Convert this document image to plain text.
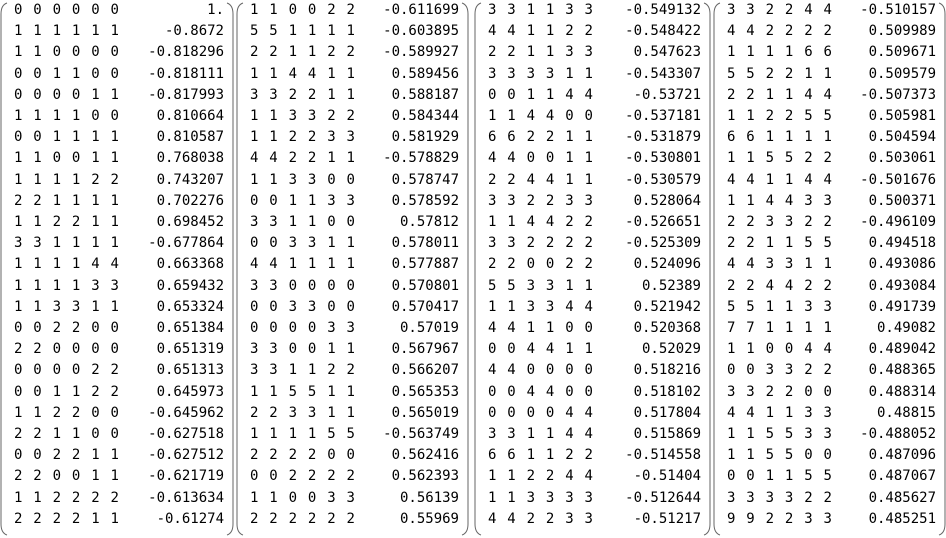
0 0 0 0 0 0	1.
1 1 1 1 1 1	-0.8672
1 1 0 0 0 0	-0.818296
0 0 1 1 0 0	-0.818111
0 0 0 0 1 1	-0.817993
1 1 1 1 0 0	0.810664
0 0 1 1 1 1	0.810587
1 1 0 0 1 1	0.768038
1 1 1 1 2 2	0.743207
2 2 1 1 1 1	0.702276
1 1 2 2 1 1	0.698452
3 3 1 1 1 1	-0.677864
1 1 1 1 4 4	0.663368
1 1 1 1 3 3	0.659432
1 1 3 3 1 1	0.653324
0 0 2 2 0 0	0.651384
2 2 0 0 0 0	0.651319
0 0 0 0 2 2	0.651313
0 0 1 1 2 2	0.645973
1 1 2 2 0 0	-0.645962
2 2 1 1 0 0	-0.627518
0 0 2 2 1 1	-0.627512
2 2 0 0 1 1	-0.621719
1 1 2 2 2 2	-0.613634
2 2 2 2 1 1	-0.61274
1 1 0 0 2 2	-0.611699
5 5 1 1 1 1	-0.603895
2 2 1 1 2 2	-0.589927
1 1 4 4 1 1	0.589456
3 3 2 2 1 1	0.588187
1 1 3 3 2 2	0.584344
1 1 2 2 3 3	0.581929
4 4 2 2 1 1	-0.578829
1 1 3 3 0 0	0.578747
0 0 1 1 3 3	0.578592
3 3 1 1 0 0	0.57812
0 0 3 3 1 1	0.578011
4 4 1 1 1 1	0.577887
3 3 0 0 0 0	0.570801
0 0 3 3 0 0	0.570417
0 0 0 0 3 3	0.57019
3 3 0 0 1 1	0.567967
3 3 1 1 2 2	0.566207
1 1 5 5 1 1	0.565353
2 2 3 3 1 1	0.565019
1 1 1 1 5 5	-0.563749
2 2 2 2 0 0	0.562416
0 0 2 2 2 2	0.562393
1 1 0 0 3 3	0.56139
2 2 2 2 2 2	0.55969
3 3 1 1 3 3	-0.549132
4 4 1 1 2 2	-0.548422
2 2 1 1 3 3	0.547623
3 3 3 3 1 1	-0.543307
0 0 1 1 4 4	-0.53721
1 1 4 4 0 0	-0.537181
6 6 2 2 1 1	-0.531879
4 4 0 0 1 1	-0.530801
2 2 4 4 1 1	-0.530579
3 3 2 2 3 3	0.528064
1 1 4 4 2 2	-0.526651
3 3 2 2 2 2	-0.525309
2 2 0 0 2 2	0.524096
5 5 3 3 1 1	0.52389
1 1 3 3 4 4	0.521942
4 4 1 1 0 0	0.520368
0 0 4 4 1 1	0.52029
4 4 0 0 0 0	0.518216
0 0 4 4 0 0	0.518102
0 0 0 0 4 4	0.517804
3 3 1 1 4 4	0.515869
6 6 1 1 2 2	-0.514558
1 1 2 2 4 4	-0.51404
1 1 3 3 3 3	-0.512644
4 4 2 2 3 3	-0.51217
3 3 2 2 4 4	-0.510157
4 4 2 2 2 2	0.509989
1 1 1 1 6 6	0.509671
5 5 2 2 1 1	0.509579
2 2 1 1 4 4	-0.507373
1 1 2 2 5 5	0.505981
6 6 1 1 1 1	0.504594
1 1 5 5 2 2	0.503061
4 4 1 1 4 4	-0.501676
1 1 4 4 3 3	0.500371
2 2 3 3 2 2	-0.496109
2 2 1 1 5 5	0.494518
4 4 3 3 1 1	0.493086
2 2 4 4 2 2	0.493084
5 5 1 1 3 3	0.491739
7 7 1 1 1 1	0.49082
1 1 0 0 4 4	0.489042
0 0 3 3 2 2	0.488365
3 3 2 2 0 0	0.488314
4 4 1 1 3 3	0.48815
1 1 5 5 3 3	-0.488052
1 1 5 5 0 0	0.487096
0 0 1 1 5 5	0.487067
3 3 3 3 2 2	0.485627
9 9 2 2 3 3	0.485251
